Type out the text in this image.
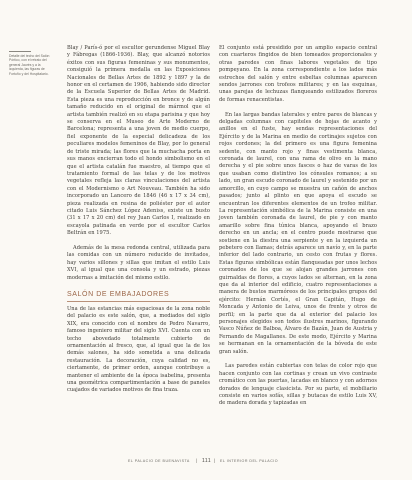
Detalle del techo del Salón Pórtico, con el retrato del general Jaurès y a la izquierda, las figuras de Fortuño y del Hospitalario.

Blay / París-ó por el escultor gerundense Miguel Blay y Fábregas (1866-1936). Blay, que alcanzó notorios éxitos con sus figuras femeninas y sus monumentos, consiguió la primera medalla en las Exposiciones Nacionales de Bellas Artes de 1892 y 1897 y la de honor en el certamen de 1906, habiendo sido director de la Escuela Superior de Bellas Artes de Madrid. Esta pieza es una reproducción en bronce y de algún tamaño reducido en el original de mármol que el artista también realizó en su etapa parisina y que hoy se conserva en el Museo de Arte Moderno de Barcelona; representa a una joven de medio cuerpo, fiel exponente de la especial delicadeza de los peculiares modelos femeninos de Blay, por lo general de triste mirada; las flores que la muchacha porta en sus manos encierran todo el hondo simbolismo en el que el artista catalán fue maestro, al tiempo que el tratamiento formal de las telas y de los motivos vegetales refleja las claras vinculaciones del artista con el Modernismo o Art Nouveau. También ha sido incorporado un Lancero de 1846 (46 x 17 x 34 cm), pieza realizada en resina de poliéster por el autor citado Luis Sánchez López Adeniss, existe un busto (31 x 17 x 20 cm) del rey Juan Carlos I, realizado en escayola patinada en verde por el escultor Carlos Beltrán en 1975.

Además de la mesa redonda central, utilizada para las comidas con un número reducido de invitados, hay varios sillones y sillas que imitan el estilo Luis XVI, al igual que una consola y un estrado, piezas modernas a imitación del mismo estilo.

SALÓN DE EMBAJADORES

Una de las estancias más espaciosas de la zona noble del palacio es este salón, que, a mediados del siglo XIX, era conocido con el nombre de Pedro Navarro, famoso ingeniero militar del siglo XVI. Cuenta con un techo abovedado totalmente cubierto de ornamentación al fresco, que, al igual que la de los demás salones, ha sido sometida a una delicada restauración. La decoración, cuya calidad no es, ciertamente, de primer orden, aunque contribuye a mantener el ambiente de la época isabelina, presenta una geométrica compartimentación a base de paneles cuajados de variados motivos de fina traza.

El conjunto está presidido por un amplio espacio central con cuarteros fingidos de bien tomeados proporcionales y otras paredes con finas labores vegetales de tipo pompeyano. En la zona correspondiente a los lados más estrechos del salón y entre esbeltas columnas aparecen sendos jarrones con trofeos militares; y en las esquinas, unas parejas de lechuzas flanqueando estilizados floreros de formas renacentistas.

En las largas bandas laterales y entre pares de blancas y delgadas columnas con capiteles de hojas de acanto y anillos en el fuste, hay sendas representaciones del Ejército y de la Marina en medio de cortinajes sujetos con rojos cordones; la del primero es una figura femenina sedente, con manto rojo y finas vestimenta blanca, coronada de laurel, con una rama de olivo en la mano derecha y el pie sobre unos fasces o haz de varas de los que usaban como distintivo los cónsules romanos; a su lado, un gran escudo coronado de laurel y sostenido por un amorcillo, en cuyo campo se muestra un cañón de anchos pasados; junto al plinto en que apoya el escudo se encuentran los diferentes elementos de un trofeo militar. La representación simbólica de la Marina consiste en una joven también coronada de laurel, de pie y con manto amarillo sobre fina túnica blanca, apoyando el brazo derecho en un ancla; en el centro puede mostrarse que sostiene en la diestra una serpiente y en la izquierda un pebetero con llamas; detrás aparece un navío y, en la parte inferior del lado contrario, un cesto con frutas y flores. Estas figuras simbólicas están flanqueadas por unos lechos coronados de los que se alojan grandes jarrones con guirnaldas de flores, a cuyos lados se alternan, en la zona que da al interior del edificio, cuatro representaciones a manera de bustos marmóreos de los principales grupos del ejército: Hernán Cortés, el Gran Capitán, Hugo de Moncada y Antonio de Leiva, unos de frente y otros de perfil; en la parte que da al exterior del palacio los personajes elegidos son todos ilustres marinos, figurando Vasco Núñez de Balboa, Álvaro de Bazán, Juan de Austria y Fernando de Magallanes. De este modo, Ejército y Marina se hermanan en la ornamentación de la bóveda de este gran salón.

Las paredes están cubiertas con telas de color rojo que hacen conjunto con las cortinas y crean un vivo contraste cromático con las puertas, lacadas en blanco y con adornos dorados de lenguaje clasicista. Por su parte, el mobiliario consiste en varios sofás, sillas y butacas de estilo Luis XV, de madera dorada y tapizadas en

EL PALACIO DE BUENAVISTA | 111 | EL INTERIOR DEL PALACIO
